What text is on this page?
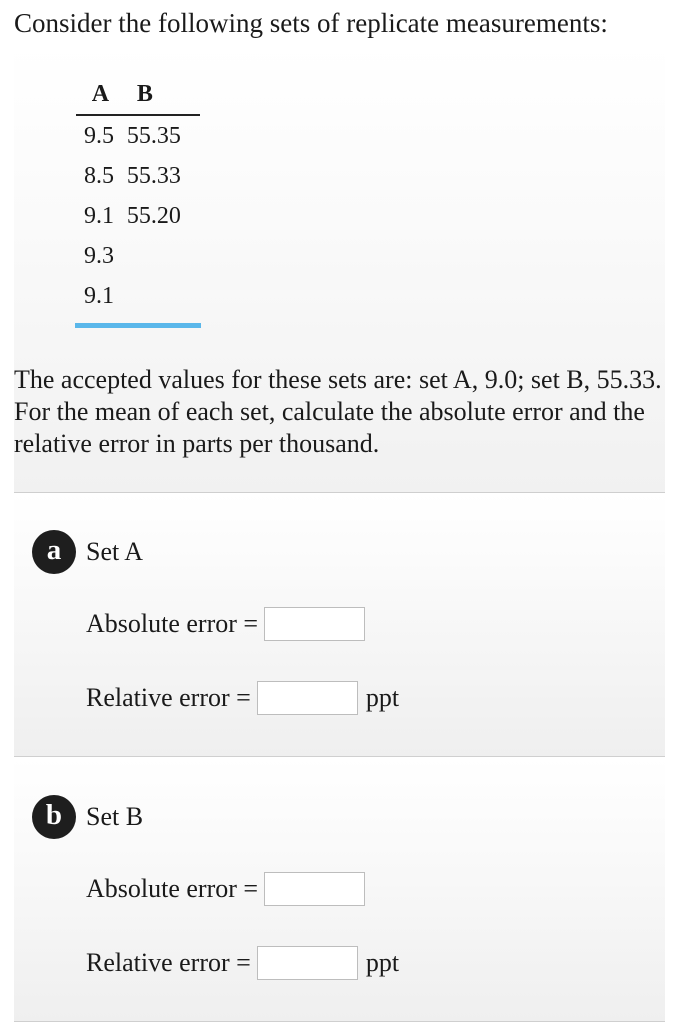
Consider the following sets of replicate measurements:
A	B
9.5	55.35
8.5	55.33
9.1	55.20
9.3	
9.1	
The accepted values for these sets are: set A, 9.0; set B, 55.33. For the mean of each set, calculate the absolute error and the relative error in parts per thousand.
a Set A
Absolute error =
Relative error =	ppt
b Set B
Absolute error =
Relative error =	ppt
